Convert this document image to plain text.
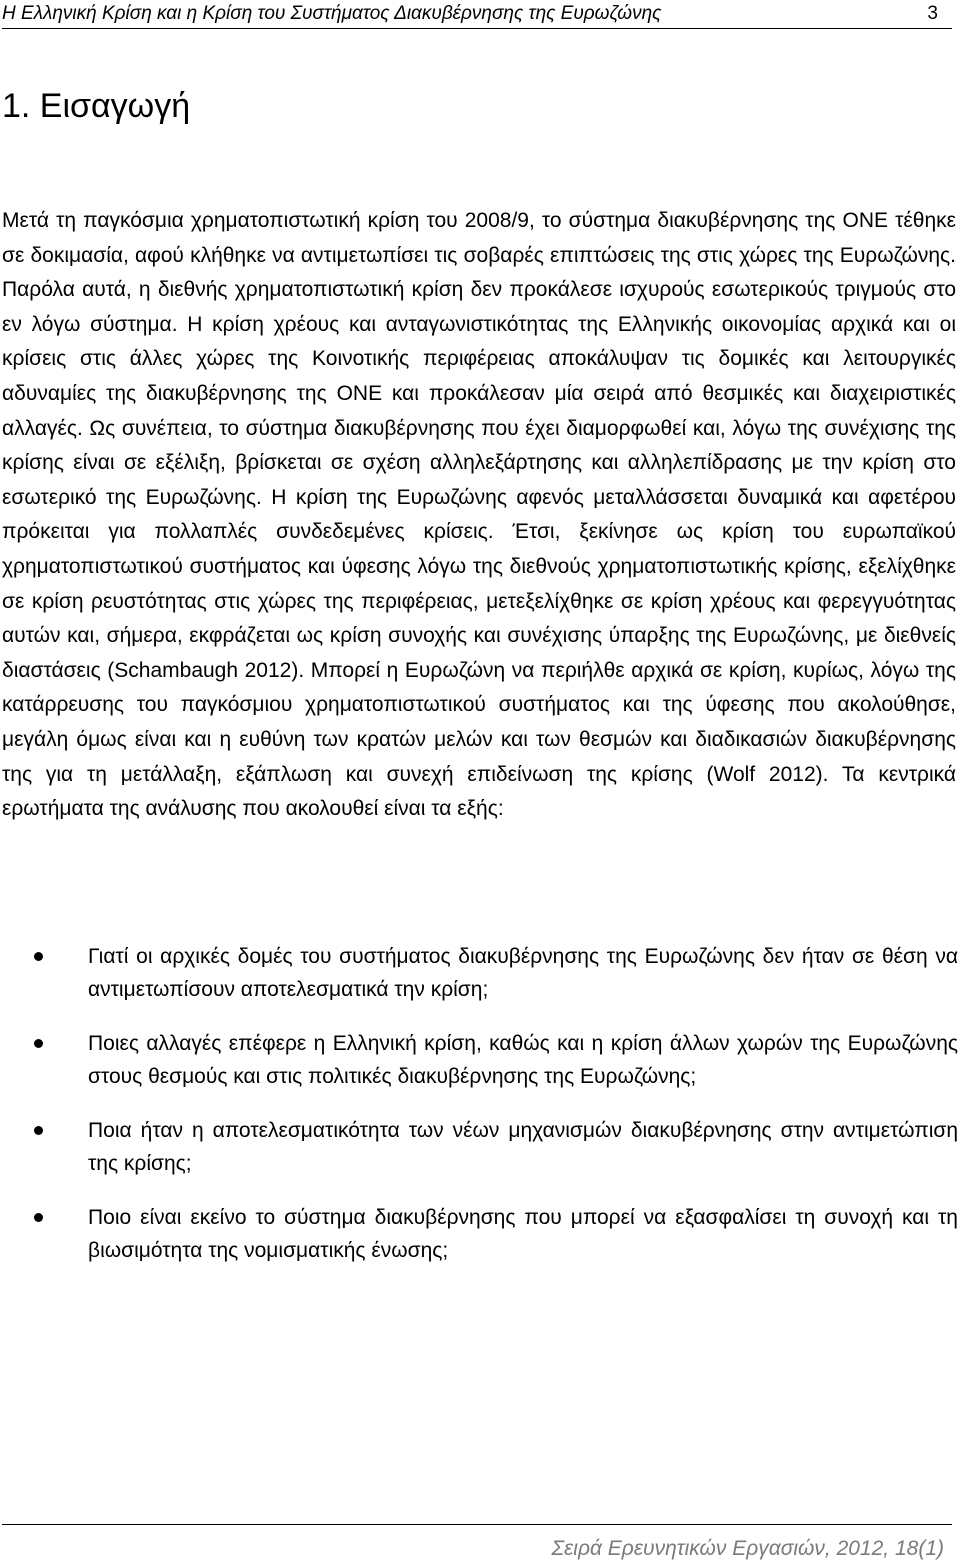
Η Ελληνική Κρίση και η Κρίση του Συστήματος Διακυβέρνησης της Ευρωζώνης	3
1. Εισαγωγή

Μετά τη παγκόσμια χρηματοπιστωτική κρίση του 2008/9, το σύστημα διακυβέρνησης της ΟΝΕ τέθηκε σε δοκιμασία, αφού κλήθηκε να αντιμετωπίσει τις σοβαρές επιπτώσεις της στις χώρες της Ευρωζώνης. Παρόλα αυτά, η διεθνής χρηματοπιστωτική κρίση δεν προκάλεσε ισχυρούς εσωτερικούς τριγμούς στο εν λόγω σύστημα. Η κρίση χρέους και ανταγωνιστικότητας της Ελληνικής οικονομίας αρχικά και οι κρίσεις στις άλλες χώρες της Κοινοτικής περιφέρειας αποκάλυψαν τις δομικές και λειτουργικές αδυναμίες της διακυβέρνησης της ΟΝΕ και προκάλεσαν μία σειρά από θεσμικές και διαχειριστικές αλλαγές. Ως συνέπεια, το σύστημα διακυβέρνησης που έχει διαμορφωθεί και, λόγω της συνέχισης της κρίσης είναι σε εξέλιξη, βρίσκεται σε σχέση αλληλεξάρτησης και αλληλεπίδρασης με την κρίση στο εσωτερικό της Ευρωζώνης. Η κρίση της Ευρωζώνης αφενός μεταλλάσσεται δυναμικά και αφετέρου πρόκειται για πολλαπλές συνδεδεμένες κρίσεις. Έτσι, ξεκίνησε ως κρίση του ευρωπαϊκού χρηματοπιστωτικού συστήματος και ύφεσης λόγω της διεθνούς χρηματοπιστωτικής κρίσης, εξελίχθηκε σε κρίση ρευστότητας στις χώρες της περιφέρειας, μετεξελίχθηκε σε κρίση χρέους και φερεγγυότητας αυτών και, σήμερα, εκφράζεται ως κρίση συνοχής και συνέχισης ύπαρξης της Ευρωζώνης, με διεθνείς διαστάσεις (Schambaugh 2012). Μπορεί η Ευρωζώνη να περιήλθε αρχικά σε κρίση, κυρίως, λόγω της κατάρρευσης του παγκόσμιου χρηματοπιστωτικού συστήματος και της ύφεσης που ακολούθησε, μεγάλη όμως είναι και η ευθύνη των κρατών μελών και των θεσμών και διαδικασιών διακυβέρνησης της για τη μετάλλαξη, εξάπλωση και συνεχή επιδείνωση της κρίσης (Wolf 2012). Τα κεντρικά ερωτήματα της ανάλυσης που ακολουθεί είναι τα εξής:

Γιατί οι αρχικές δομές του συστήματος διακυβέρνησης της Ευρωζώνης δεν ήταν σε θέση να αντιμετωπίσουν αποτελεσματικά την κρίση;
Ποιες αλλαγές επέφερε η Ελληνική κρίση, καθώς και η κρίση άλλων χωρών της Ευρωζώνης στους θεσμούς και στις πολιτικές διακυβέρνησης της Ευρωζώνης;
Ποια ήταν η αποτελεσματικότητα των νέων μηχανισμών διακυβέρνησης στην αντιμετώπιση της κρίσης;
Ποιο είναι εκείνο το σύστημα διακυβέρνησης που μπορεί να εξασφαλίσει τη συνοχή και τη βιωσιμότητα της νομισματικής ένωσης;
Σειρά Ερευνητικών Εργασιών, 2012, 18(1)
